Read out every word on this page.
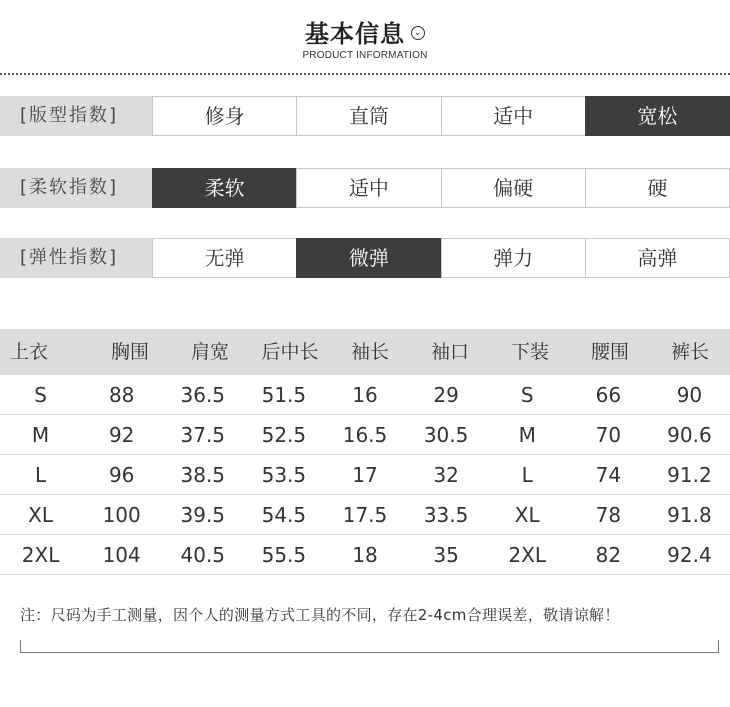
基本信息 ⌄
PRODUCT INFORMATION
[版型指数]	修身	直筒	适中	宽松
[柔软指数]	柔软	适中	偏硬	硬
[弹性指数]	无弹	微弹	弹力	高弹
上衣	胸围	肩宽	后中长	袖长	袖口	下装	腰围	裤长
S	88	36.5	51.5	16	29	S	66	90
M	92	37.5	52.5	16.5	30.5	M	70	90.6
L	96	38.5	53.5	17	32	L	74	91.2
XL	100	39.5	54.5	17.5	33.5	XL	78	91.8
2XL	104	40.5	55.5	18	35	2XL	82	92.4
注：尺码为手工测量，因个人的测量方式工具的不同，存在2-4cm合理误差，敬请谅解！
